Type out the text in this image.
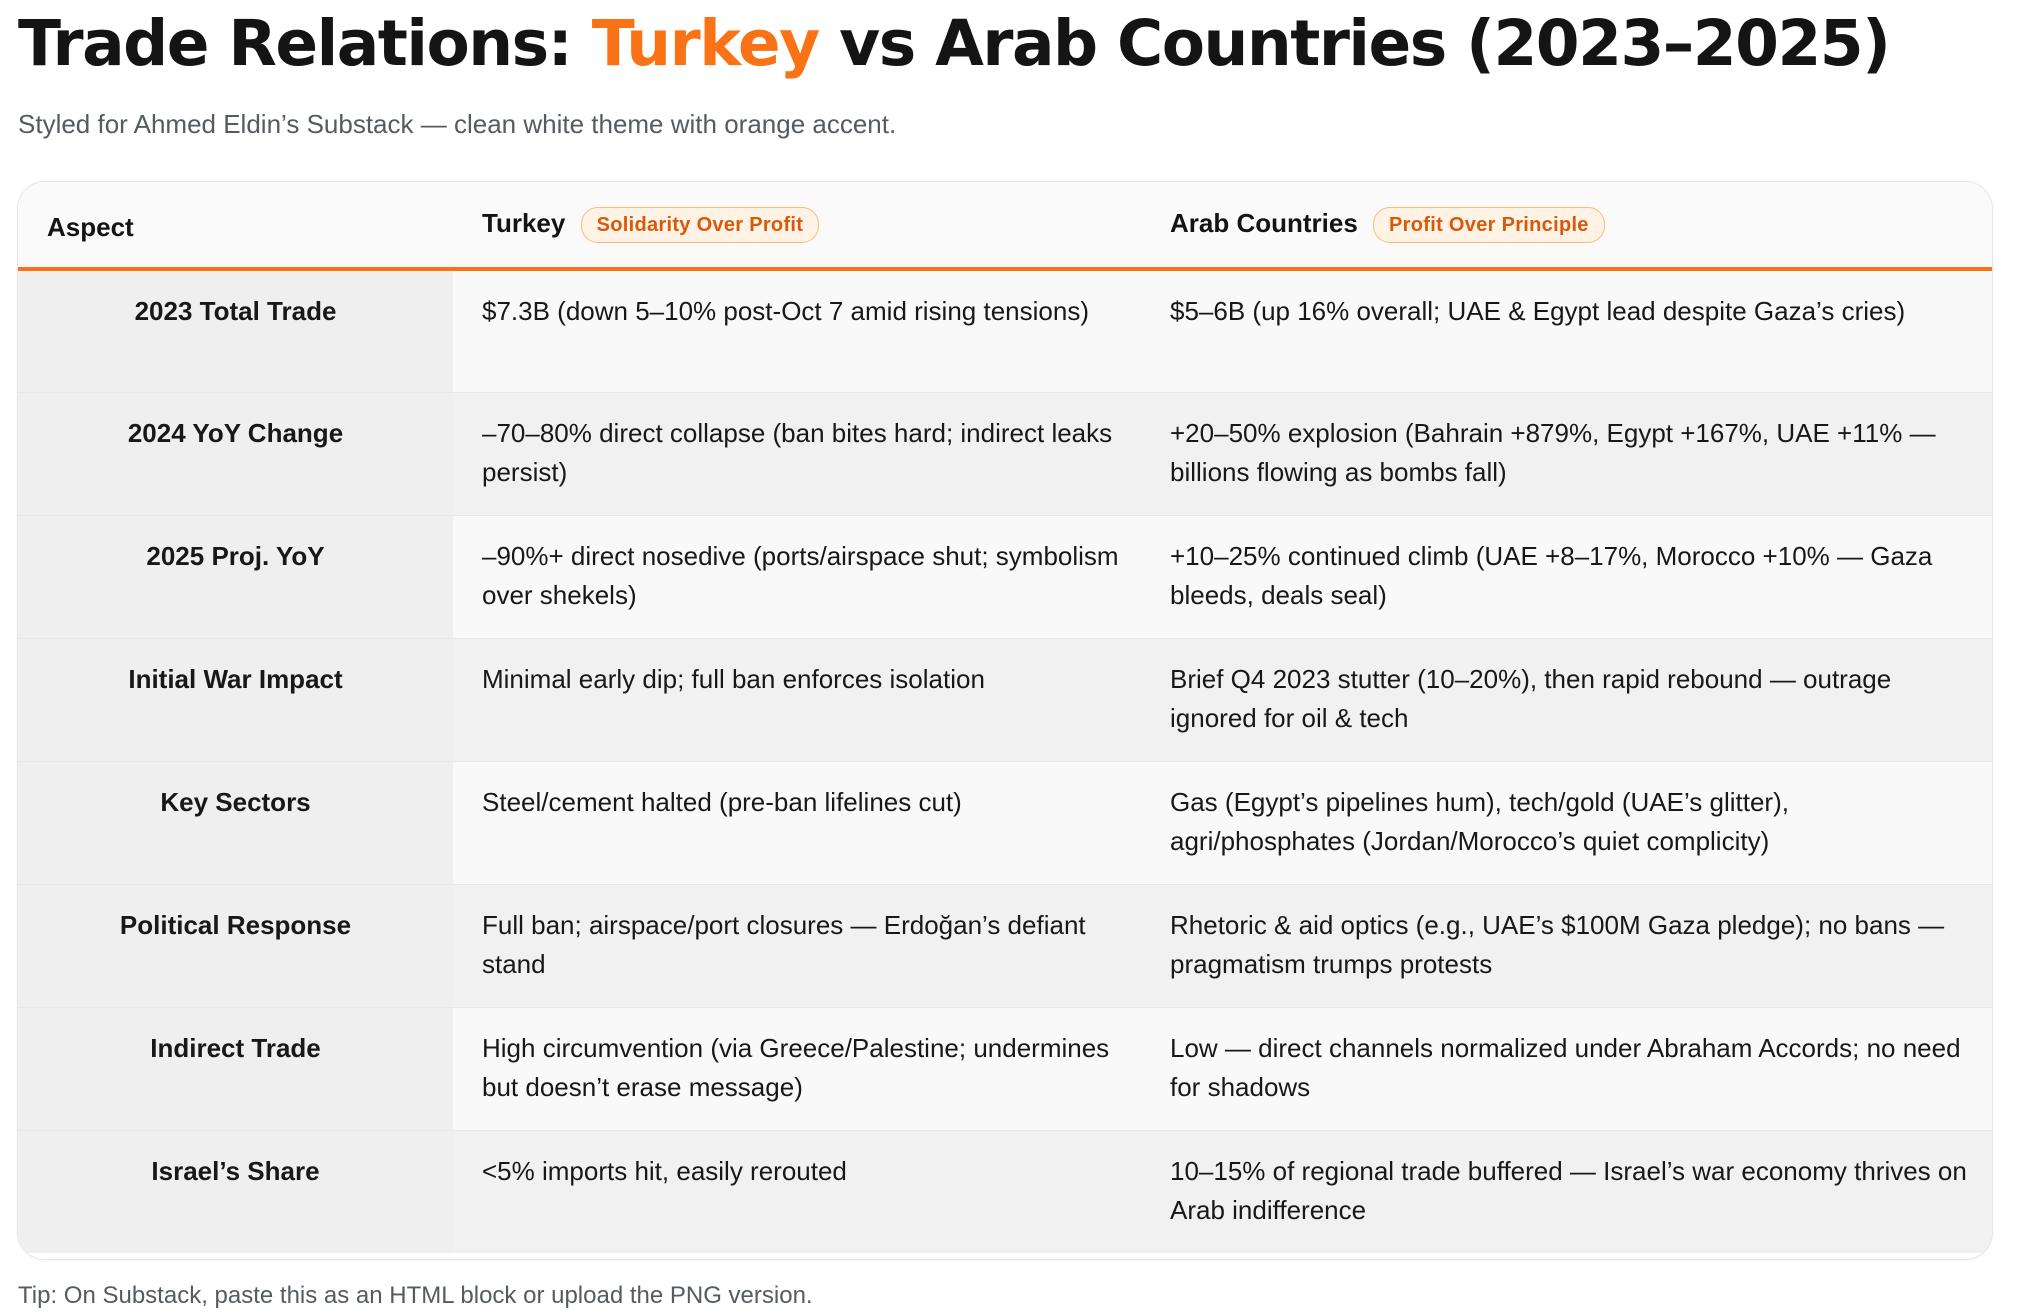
Trade Relations: Turkey vs Arab Countries (2023–2025)

Styled for Ahmed Eldin’s Substack — clean white theme with orange accent.

Aspect	Turkey Solidarity Over Profit	Arab Countries Profit Over Principle
2023 Total Trade	$7.3B (down 5–10% post-Oct 7 amid rising tensions)	$5–6B (up 16% overall; UAE & Egypt lead despite Gaza’s cries)
2024 YoY Change	–70–80% direct collapse (ban bites hard; indirect leaks persist)	+20–50% explosion (Bahrain +879%, Egypt +167%, UAE +11% — billions flowing as bombs fall)
2025 Proj. YoY	–90%+ direct nosedive (ports/airspace shut; symbolism over shekels)	+10–25% continued climb (UAE +8–17%, Morocco +10% — Gaza bleeds, deals seal)
Initial War Impact	Minimal early dip; full ban enforces isolation	Brief Q4 2023 stutter (10–20%), then rapid rebound — outrage ignored for oil & tech
Key Sectors	Steel/cement halted (pre-ban lifelines cut)	Gas (Egypt’s pipelines hum), tech/gold (UAE’s glitter), agri/phosphates (Jordan/Morocco’s quiet complicity)
Political Response	Full ban; airspace/port closures — Erdoğan’s defiant stand	Rhetoric & aid optics (e.g., UAE’s $100M Gaza pledge); no bans — pragmatism trumps protests
Indirect Trade	High circumvention (via Greece/Palestine; undermines but doesn’t erase message)	Low — direct channels normalized under Abraham Accords; no need for shadows
Israel’s Share	<5% imports hit, easily rerouted	10–15% of regional trade buffered — Israel’s war economy thrives on Arab indifference

Tip: On Substack, paste this as an HTML block or upload the PNG version.
